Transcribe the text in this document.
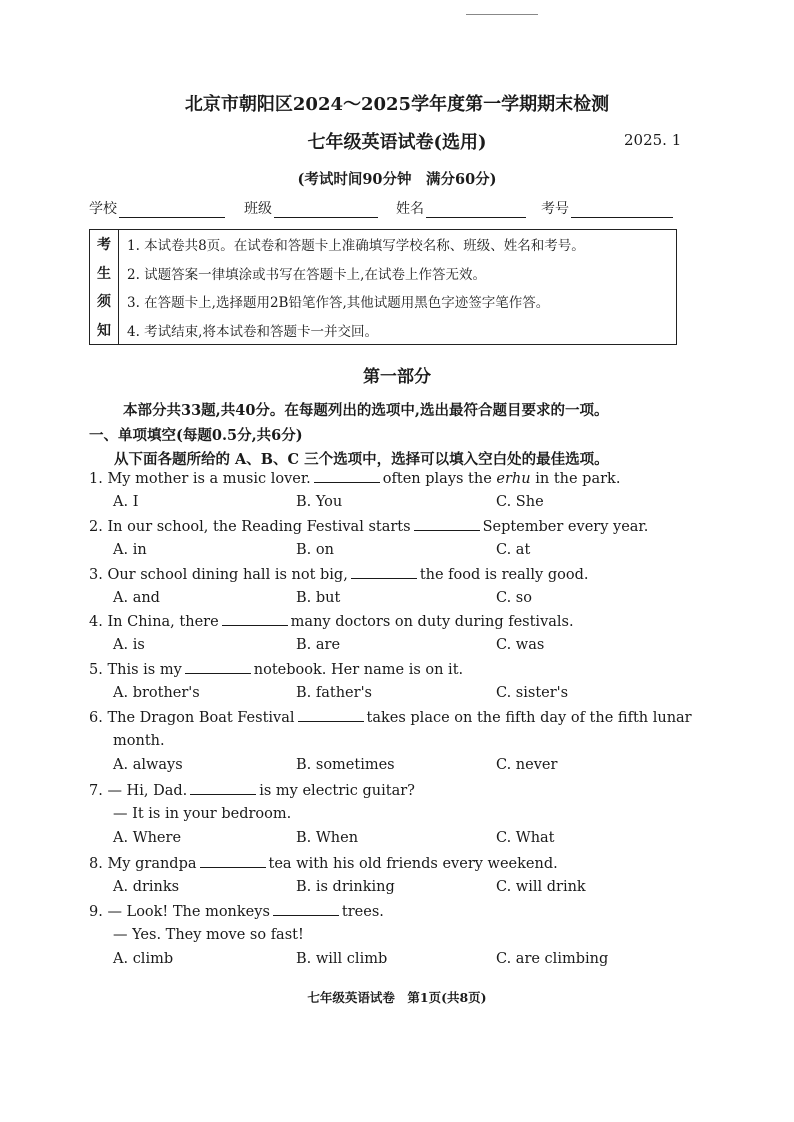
北京市朝阳区2024～2025学年度第一学期期末检测
七年级英语试卷(选用)	2025. 1
(考试时间90分钟　满分60分)
学校	班级	姓名	考号
考
生
须
知
1. 本试卷共8页。在试卷和答题卡上准确填写学校名称、班级、姓名和考号。
2. 试题答案一律填涂或书写在答题卡上,在试卷上作答无效。
3. 在答题卡上,选择题用2B铅笔作答,其他试题用黑色字迹签字笔作答。
4. 考试结束,将本试卷和答题卡一并交回。
第一部分
本部分共33题,共40分。在每题列出的选项中,选出最符合题目要求的一项。
一、单项填空(每题0.5分,共6分)
从下面各题所给的 A、B、C 三个选项中，选择可以填入空白处的最佳选项。
1. My mother is a music lover.	often plays the erhu in the park.
A. I	B. You	C. She
2. In our school, the Reading Festival starts	September every year.
A. in	B. on	C. at
3. Our school dining hall is not big,	the food is really good.
A. and	B. but	C. so
4. In China, there	many doctors on duty during festivals.
A. is	B. are	C. was
5. This is my	notebook. Her name is on it.
A. brother's	B. father's	C. sister's
6. The Dragon Boat Festival	takes place on the fifth day of the fifth lunar
month.
A. always	B. sometimes	C. never
7. — Hi, Dad.	is my electric guitar?
— It is in your bedroom.
A. Where	B. When	C. What
8. My grandpa	tea with his old friends every weekend.
A. drinks	B. is drinking	C. will drink
9. — Look! The monkeys	trees.
— Yes. They move so fast!
A. climb	B. will climb	C. are climbing
七年级英语试卷　第1页(共8页)
